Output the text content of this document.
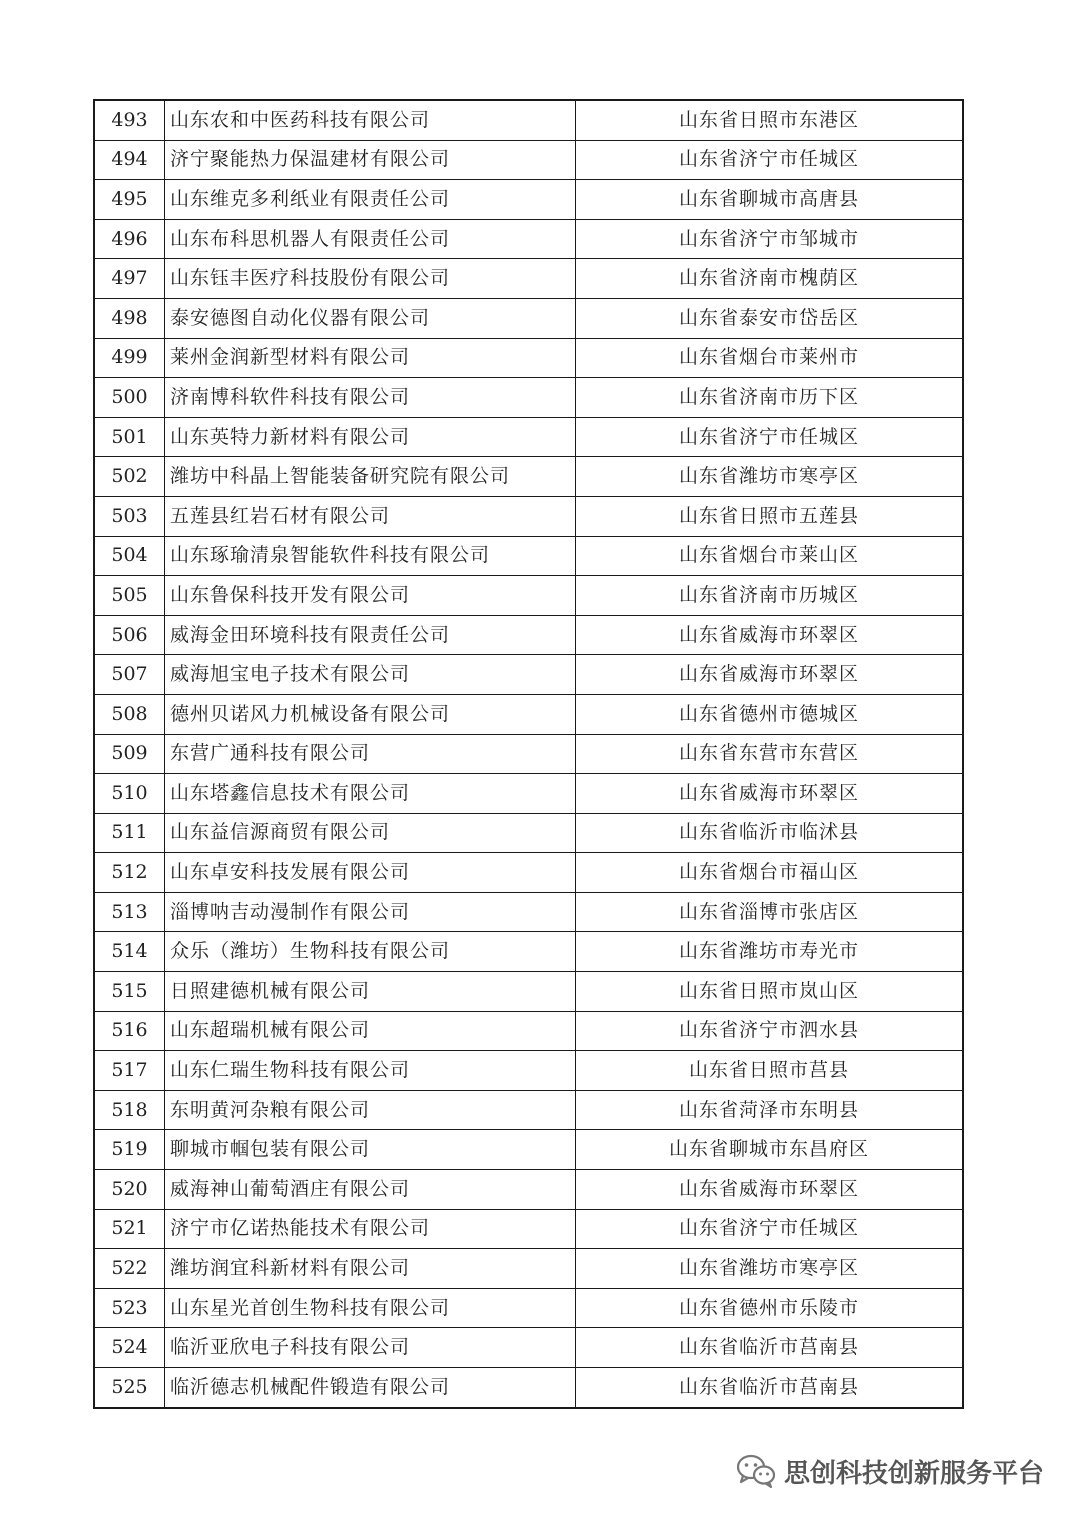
493	山东农和中医药科技有限公司	山东省日照市东港区
494	济宁聚能热力保温建材有限公司	山东省济宁市任城区
495	山东维克多利纸业有限责任公司	山东省聊城市高唐县
496	山东布科思机器人有限责任公司	山东省济宁市邹城市
497	山东钰丰医疗科技股份有限公司	山东省济南市槐荫区
498	泰安德图自动化仪器有限公司	山东省泰安市岱岳区
499	莱州金润新型材料有限公司	山东省烟台市莱州市
500	济南博科软件科技有限公司	山东省济南市历下区
501	山东英特力新材料有限公司	山东省济宁市任城区
502	潍坊中科晶上智能装备研究院有限公司	山东省潍坊市寒亭区
503	五莲县红岩石材有限公司	山东省日照市五莲县
504	山东琢瑜清泉智能软件科技有限公司	山东省烟台市莱山区
505	山东鲁保科技开发有限公司	山东省济南市历城区
506	威海金田环境科技有限责任公司	山东省威海市环翠区
507	威海旭宝电子技术有限公司	山东省威海市环翠区
508	德州贝诺风力机械设备有限公司	山东省德州市德城区
509	东营广通科技有限公司	山东省东营市东营区
510	山东塔鑫信息技术有限公司	山东省威海市环翠区
511	山东益信源商贸有限公司	山东省临沂市临沭县
512	山东卓安科技发展有限公司	山东省烟台市福山区
513	淄博呐吉动漫制作有限公司	山东省淄博市张店区
514	众乐（潍坊）生物科技有限公司	山东省潍坊市寿光市
515	日照建德机械有限公司	山东省日照市岚山区
516	山东超瑞机械有限公司	山东省济宁市泗水县
517	山东仁瑞生物科技有限公司	山东省日照市莒县
518	东明黄河杂粮有限公司	山东省菏泽市东明县
519	聊城市帼包装有限公司	山东省聊城市东昌府区
520	威海神山葡萄酒庄有限公司	山东省威海市环翠区
521	济宁市亿诺热能技术有限公司	山东省济宁市任城区
522	潍坊润宜科新材料有限公司	山东省潍坊市寒亭区
523	山东星光首创生物科技有限公司	山东省德州市乐陵市
524	临沂亚欣电子科技有限公司	山东省临沂市莒南县
525	临沂德志机械配件锻造有限公司	山东省临沂市莒南县
思创科技创新服务平台
